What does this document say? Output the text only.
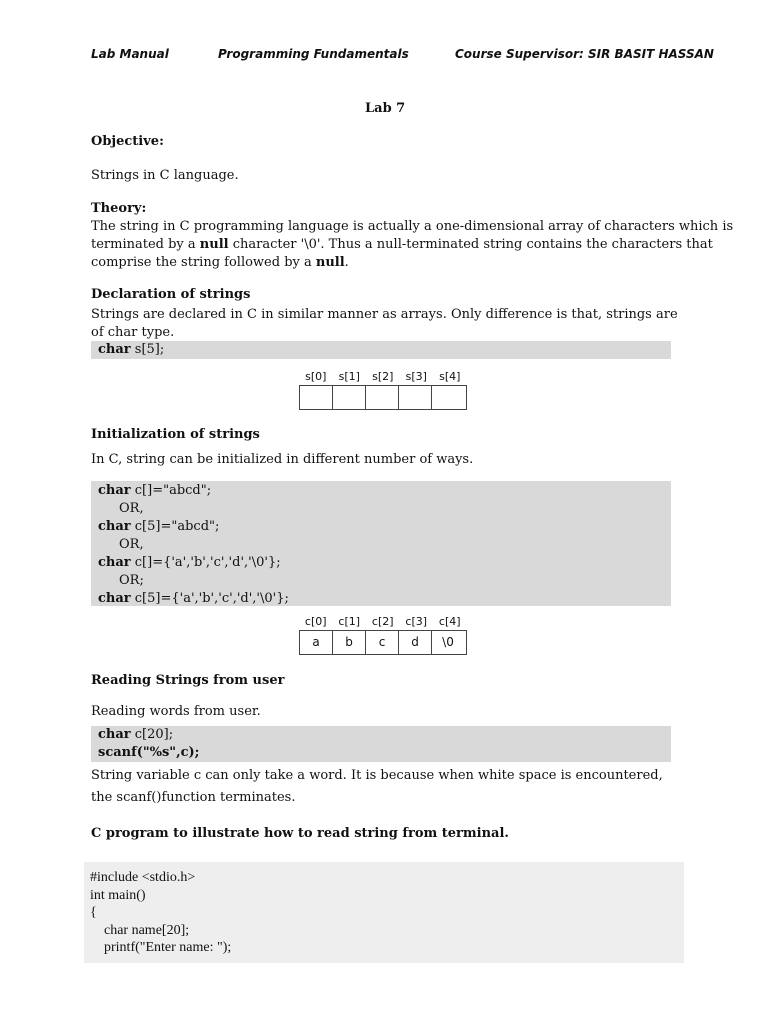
Lab Manual	Programming Fundamentals	Course Supervisor: SIR BASIT HASSAN
Lab 7
Objective:
Strings in C language.
Theory:
The string in C programming language is actually a one-dimensional array of characters which is
terminated by a null character '\0'. Thus a null-terminated string contains the characters that
comprise the string followed by a null.
Declaration of strings
Strings are declared in C in similar manner as arrays. Only difference is that, strings are
of char type.
char s[5];
s[0]	s[1]	s[2]	s[3]	s[4]
Initialization of strings
In C, string can be initialized in different number of ways.
char c[]="abcd";
OR,
char c[5]="abcd";
OR,
char c[]={'a','b','c','d','\0'};
OR;
char c[5]={'a','b','c','d','\0'};
c[0]	c[1]	c[2]	c[3]	c[4]
a	b	c	d	\0
Reading Strings from user
Reading words from user.
char c[20];
scanf("%s",c);
String variable c can only take a word. It is because when white space is encountered,
the scanf()function terminates.
C program to illustrate how to read string from terminal.
#include <stdio.h>
int main()
{
char name[20];
printf("Enter name: ");
